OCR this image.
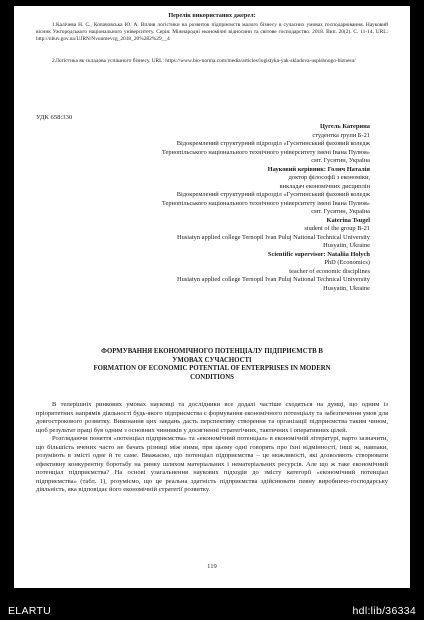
Перелік використаних джерел:
1. Калічева Н. С., Копачовська Ю. А. Вплив логістики на розвиток підприємств малого бізнесу в сучасних умовах господарювання. Науковий вісник Ужгородського національного університету. Серія: Міжнародні економічні відносини та світове господарство. 2018. Вип. 20(2). С. 11-14. URL: http://nbuv.gov.ua/UJRN/Nvuumevcg_2018_20%282%29__4
2. Логістика як складова успішного бізнесу. URL: https://www.bio-norma.com/media/articles/logistyka-yak-skladova-uspishnogo-biznesu/
УДК 658:330
Цугель Катерина
студентка групи Б-21
Відокремлений структурний підрозділ «Гусятинський фаховий коледж
Тернопільського національного технічного університету імені Івана Пулюя»
смт. Гусятин, Україна
Науковий керівник: Голич Наталія
доктор філософії з економіки,
викладач економічних дисциплін
Відокремлений структурний підрозділ «Гусятинський фаховий коледж
Тернопільського національного технічного університету імені Івана Пулюя»
смт. Гусятин, Україна
Katerina Tsugel
student of the group B-21
Husiatyn applied college Ternopil Ivan Puluj National Technical University
Husyatin, Ukraine
Scientific supervisor: Nataliia Holych
PhD (Economics)
teacher of economic disciplines
Husiatyn applied college Ternopil Ivan Puluj National Technical University
Husyatin, Ukraine
ФОРМУВАННЯ ЕКОНОМІЧНОГО ПОТЕНЦІАЛУ ПІДПРИЄМСТВ В
УМОВАХ СУЧАСНОСТІ
FORMATION OF ECONOMIC POTENTIAL OF ENTERPRISES IN MODERN
CONDITIONS

В теперішніх ринкових умовах науковці та дослідники все додалі частіше сходяться на думці, що одним із пріоритетних напрямів діяльності будь-якого підприємства є формування економічного потенціалу та забезпечення умов для довгострокового розвитку. Виконання цих завдань дасть перспективу створення та організації підприємства таким чином, щоб результат праці був одним з основних чинників у досягненні стратегічних, тактичних і оперативних цілей.

Розглядаючи поняття «потенціал підприємства» та «економічний потенціал» в економічній літературі, варто зазначити, що більшість вчених часто не бачать різниці між ними, при цьому одні говорять про їхні відмінності, інші ж, навпаки, розуміють в змісті одне й те саме. Вважаємо, що потенціал підприємства – це можливості, які дозволяють створювати ефективну конкурентну боротьбу на ринку шляхом матеріальних і нематеріальних ресурсів. Але що ж таке економічний потенціал підприємства? На основі узагальнення наукових підходів до змісту категорії «економічний потенціал підприємства» (табл. 1), розуміємо, що це реальна здатність підприємства здійснювати певну виробничо-господарську діяльність, яка відповідає його економічній стратегії розвитку.

119
ELARTU	hdl:lib/36334
